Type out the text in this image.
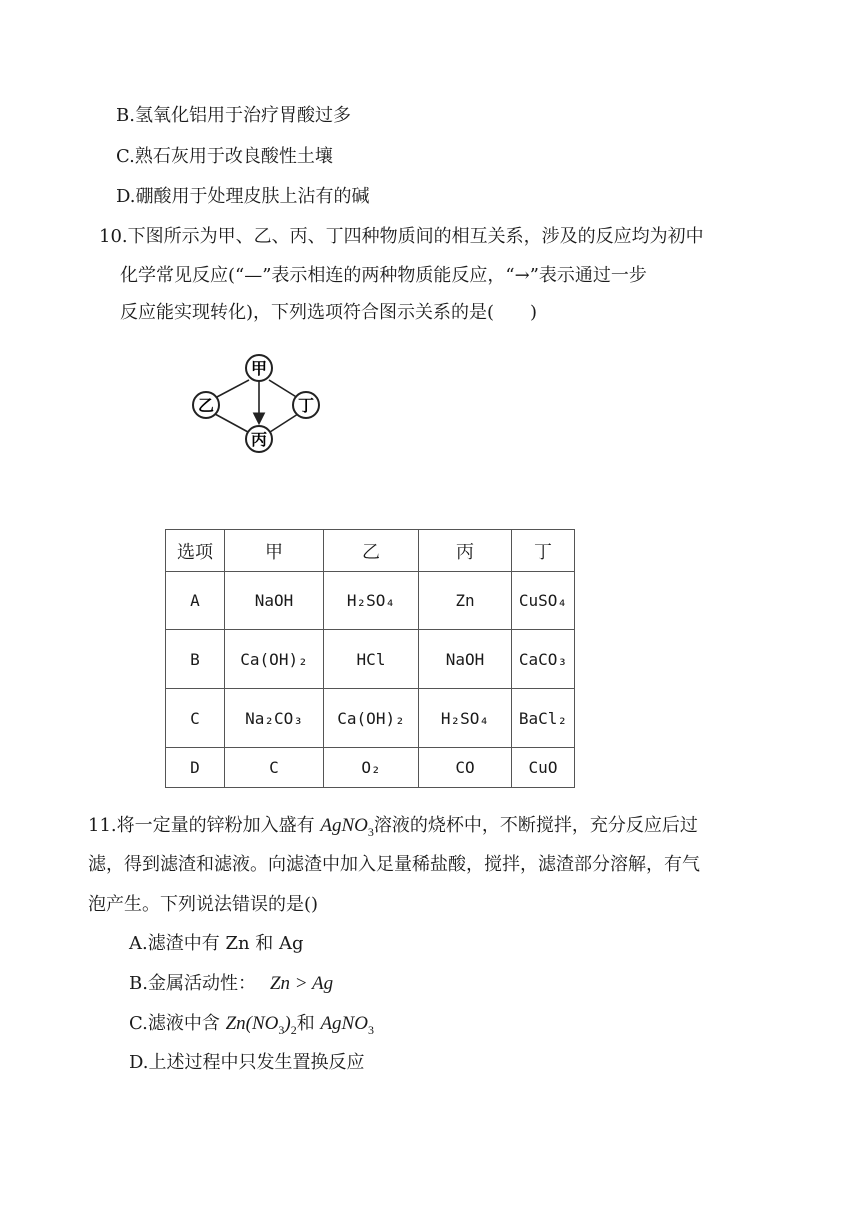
B.氢氧化铝用于治疗胃酸过多
C.熟石灰用于改良酸性土壤
D.硼酸用于处理皮肤上沾有的碱
10.下图所示为甲、乙、丙、丁四种物质间的相互关系，涉及的反应均为初中
化学常见反应(“—”表示相连的两种物质能反应，“→”表示通过一步
反应能实现转化)，下列选项符合图示关系的是(　　)
甲
乙	丁
丙
选项	甲	乙	丙	丁
A	NaOH	H₂SO₄	Zn	CuSO₄
B	Ca(OH)₂	HCl	NaOH	CaCO₃
C	Na₂CO₃	Ca(OH)₂	H₂SO₄	BaCl₂
D	C	O₂	CO	CuO
11.将一定量的锌粉加入盛有 AgNO$_3$溶液的烧杯中，不断搅拌，充分反应后过
滤，得到滤渣和滤液。向滤渣中加入足量稀盐酸，搅拌，滤渣部分溶解，有气
泡产生。下列说法错误的是()
A.滤渣中有 Zn 和 Ag
B.金属活动性： Zn > Ag
C.滤液中含 $Zn(NO_3)_2$和 AgNO$_3$
D.上述过程中只发生置换反应
